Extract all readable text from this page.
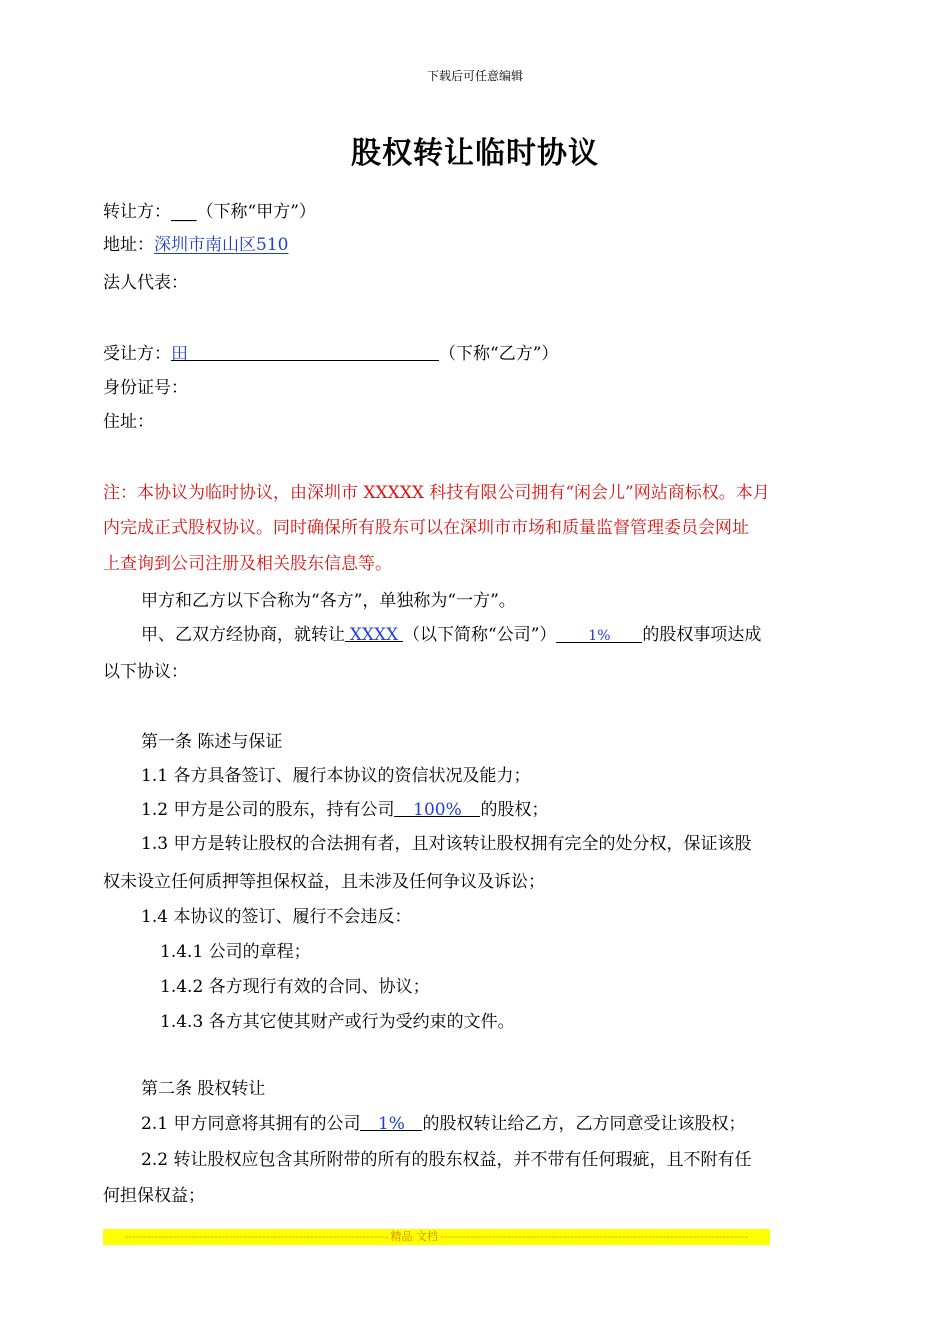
下载后可任意编辑
股权转让临时协议
转让方：___（下称“甲方”）
地址：深圳市南山区510
法人代表：
受让方：田	（下称“乙方”）
身份证号：
住址：
注：本协议为临时协议，由深圳市 XXXXX 科技有限公司拥有“闲会儿”网站商标权。本月
内完成正式股权协议。同时确保所有股东可以在深圳市市场和质量监督管理委员会网址
上查询到公司注册及相关股东信息等。
甲方和乙方以下合称为“各方”，单独称为“一方”。
甲、乙双方经协商，就转让XXXX（以下简称“公司”） 1% 的股权事项达成
以下协议：
第一条 陈述与保证
1.1 各方具备签订、履行本协议的资信状况及能力；
1.2 甲方是公司的股东，持有公司 100% 的股权；
1.3 甲方是转让股权的合法拥有者，且对该转让股权拥有完全的处分权，保证该股
权未设立任何质押等担保权益，且未涉及任何争议及诉讼；
1.4 本协议的签订、履行不会违反：
1.4.1 公司的章程；
1.4.2 各方现行有效的合同、协议；
1.4.3 各方其它使其财产或行为受约束的文件。
第二条 股权转让
2.1 甲方同意将其拥有的公司 1% 的股权转让给乙方，乙方同意受让该股权；
2.2 转让股权应包含其所附带的所有的股东权益，并不带有任何瑕疵，且不附有任
何担保权益；
----------------------------------------------------------------------- 精品 文档 -----------------------------------------------------------------------------------
